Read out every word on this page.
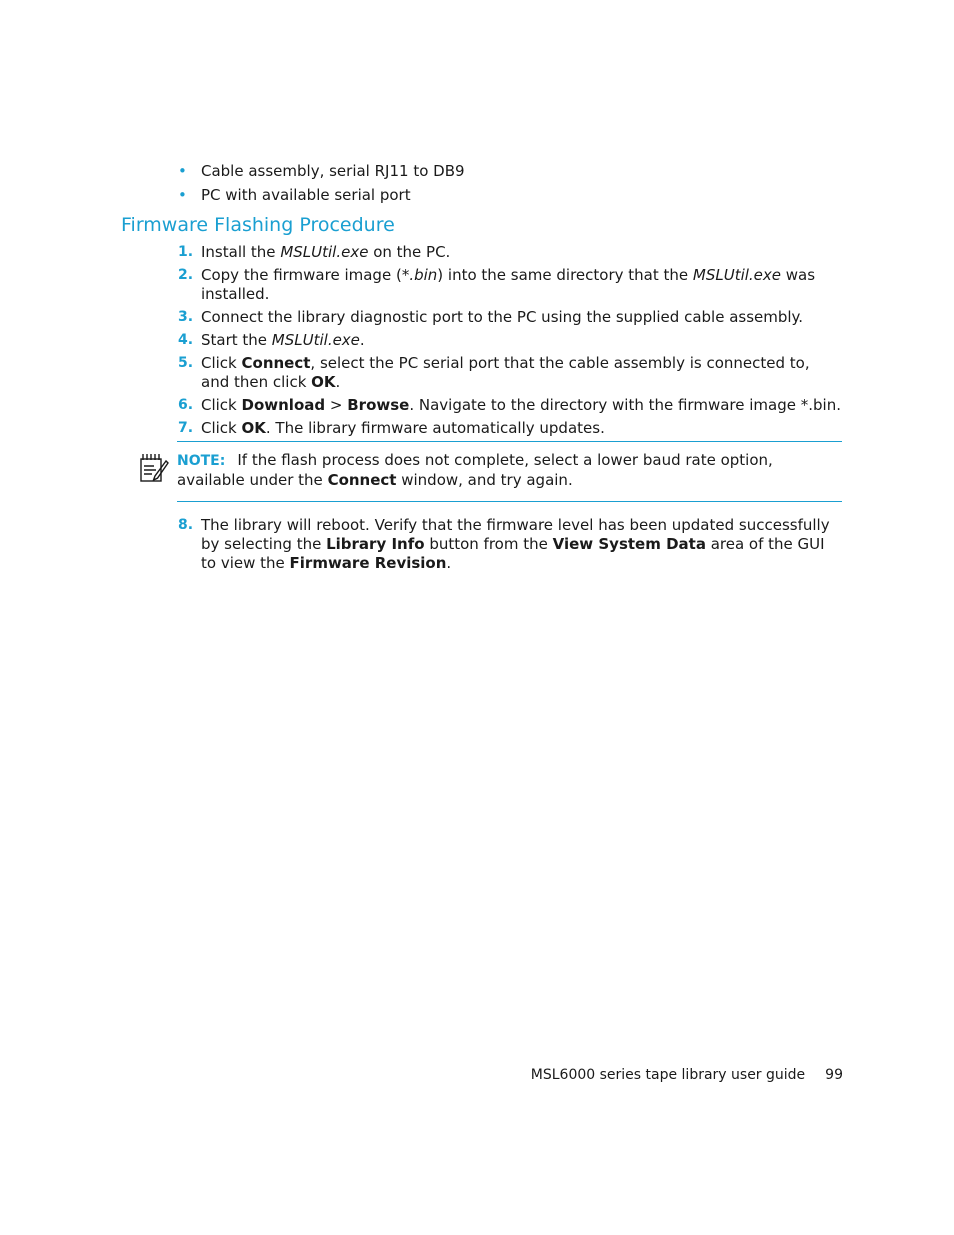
• Cable assembly, serial RJ11 to DB9
• PC with available serial port
Firmware Flashing Procedure
1. Install the MSLUtil.exe on the PC.
2. Copy the firmware image (*.bin) into the same directory that the MSLUtil.exe was installed.
3. Connect the library diagnostic port to the PC using the supplied cable assembly.
4. Start the MSLUtil.exe.
5. Click Connect, select the PC serial port that the cable assembly is connected to, and then click OK.
6. Click Download > Browse. Navigate to the directory with the firmware image *.bin.
7. Click OK. The library firmware automatically updates.
NOTE: If the flash process does not complete, select a lower baud rate option, available under the Connect window, and try again.
8. The library will reboot. Verify that the firmware level has been updated successfully by selecting the Library Info button from the View System Data area of the GUI to view the Firmware Revision.
MSL6000 series tape library user guide 99
